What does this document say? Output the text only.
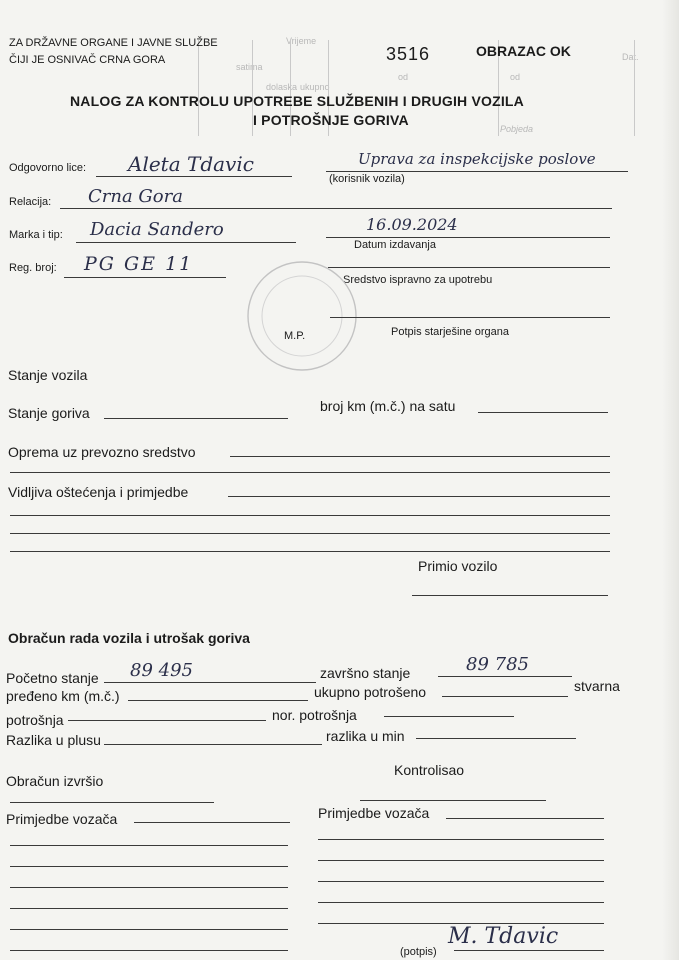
Vrijeme
od	od
satima
dolaska ukupno
Dat.
Pobjeda
ZA DRŽAVNE ORGANE I JAVNE SLUŽBE
ČIJI JE OSNIVAČ CRNA GORA	3516	OBRAZAC OK
NALOG ZA KONTROLU UPOTREBE SLUŽBENIH I DRUGIH VOZILA
I POTROŠNJE GORIVA
Odgovorno lice: Aleta Tdavic	Uprava za inspekcijske poslove
(korisnik vozila)
Relacija: Crna Gora
Marka i tip: Dacia Sandero	16.09.2024
Datum izdavanja
Reg. broj: PG GE 11
Sredstvo ispravno za upotrebu
M.P.	Potpis starješine organa
Stanje vozila
Stanje goriva	broj km (m.č.) na satu
Oprema uz prevozno sredstvo
Vidljiva oštećenja i primjedbe
Primio vozilo
Obračun rada vozila i utrošak goriva
Početno stanje 89 495	završno stanje	89 785
stvarna
pređeno km (m.č.)	ukupno potrošeno
potrošnja	nor. potrošnja
Razlika u plusu	razlika u min
Kontrolisao
Obračun izvršio
Primjedbe vozača	Primjedbe vozača
(potpis)
M. Tdavic
